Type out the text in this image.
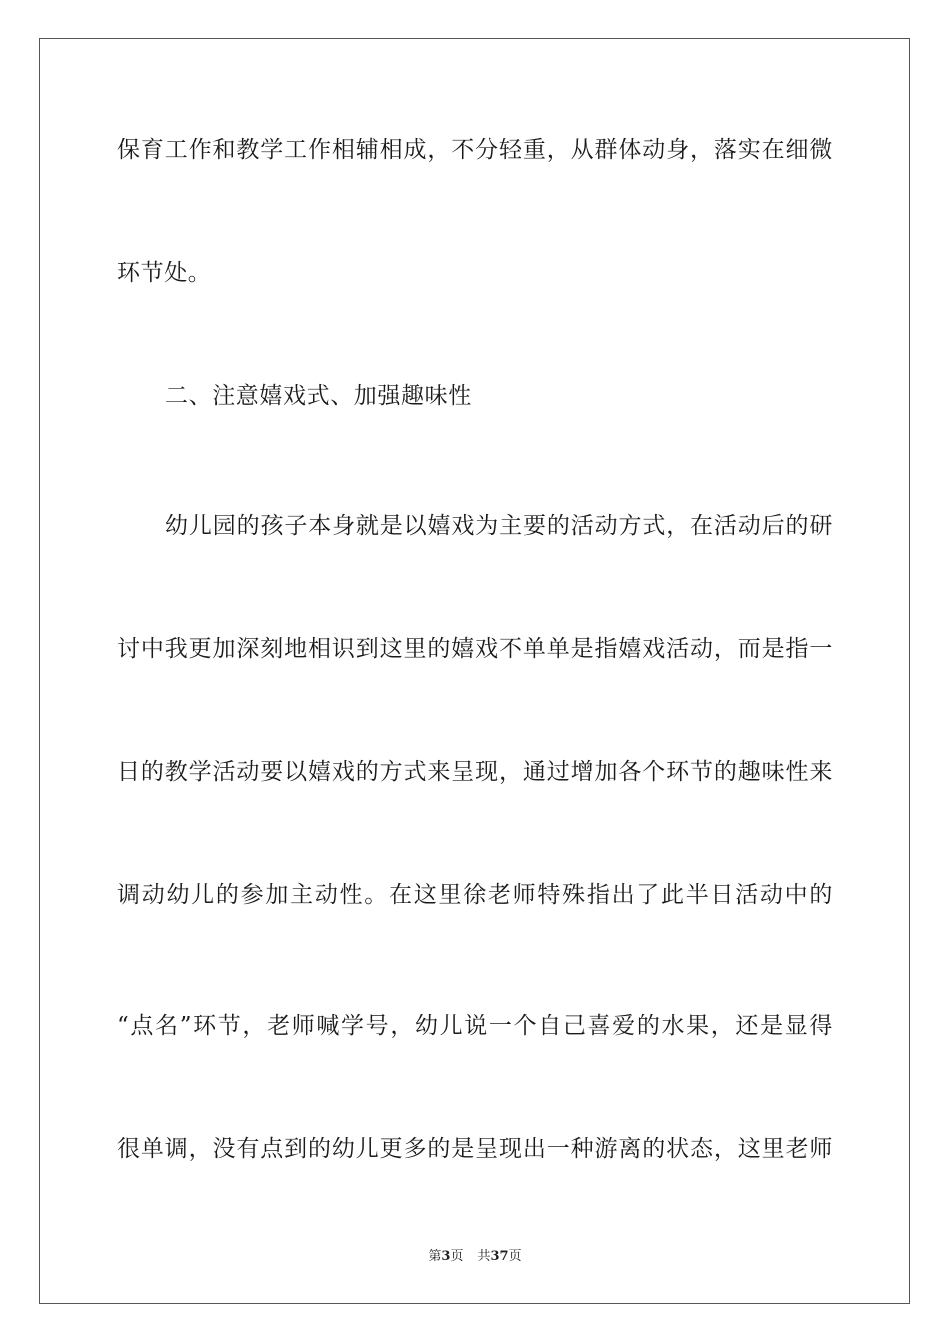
保育工作和教学工作相辅相成，不分轻重，从群体动身，落实在细微
环节处。
二、注意嬉戏式、加强趣味性
幼儿园的孩子本身就是以嬉戏为主要的活动方式，在活动后的研
讨中我更加深刻地相识到这里的嬉戏不单单是指嬉戏活动，而是指一
日的教学活动要以嬉戏的方式来呈现，通过增加各个环节的趣味性来
调动幼儿的参加主动性。在这里徐老师特殊指出了此半日活动中的
“点名”环节，老师喊学号，幼儿说一个自己喜爱的水果，还是显得
很单调，没有点到的幼儿更多的是呈现出一种游离的状态，这里老师
第3页 共37页
